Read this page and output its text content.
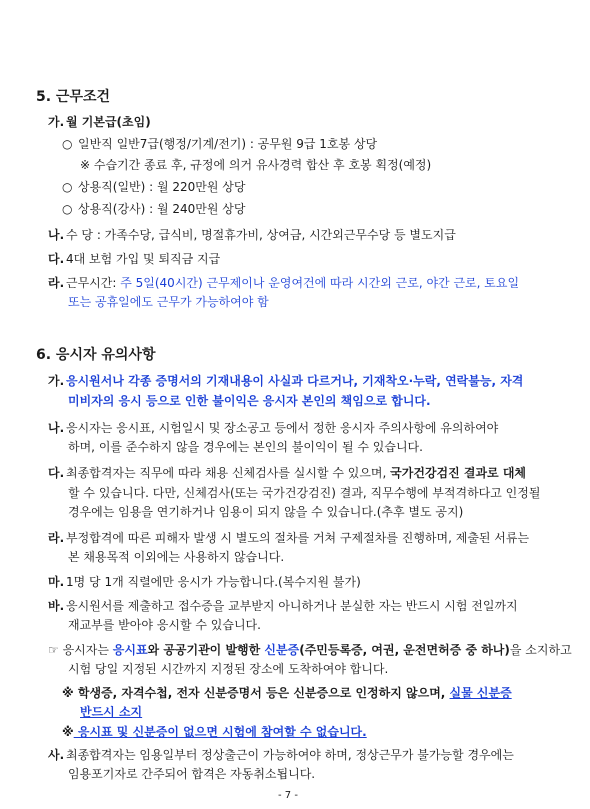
5. 근무조건
가. 월 기본급(초임)
○ 일반직 일반7급(행정/기계/전기) : 공무원 9급 1호봉 상당
※ 수습기간 종료 후, 규정에 의거 유사경력 합산 후 호봉 획정(예정)
○ 상용직(일반) : 월 220만원 상당
○ 상용직(강사) : 월 240만원 상당
나. 수 당 : 가족수당, 급식비, 명절휴가비, 상여금, 시간외근무수당 등 별도지급
다. 4대 보험 가입 및 퇴직금 지급
라. 근무시간: 주 5일(40시간) 근무제이나 운영여건에 따라 시간외 근로, 야간 근로, 토요일
또는 공휴일에도 근무가 가능하여야 함
6. 응시자 유의사항
가. 응시원서나 각종 증명서의 기재내용이 사실과 다르거나, 기재착오·누락, 연락불능, 자격
미비자의 응시 등으로 인한 불이익은 응시자 본인의 책임으로 합니다.
나. 응시자는 응시표, 시험일시 및 장소공고 등에서 정한 응시자 주의사항에 유의하여야
하며, 이를 준수하지 않을 경우에는 본인의 불이익이 될 수 있습니다.
다. 최종합격자는 직무에 따라 채용 신체검사를 실시할 수 있으며, 국가건강검진 결과로 대체
할 수 있습니다. 다만, 신체검사(또는 국가건강검진) 결과, 직무수행에 부적격하다고 인정될
경우에는 임용을 연기하거나 임용이 되지 않을 수 있습니다.(추후 별도 공지)
라. 부정합격에 따른 피해자 발생 시 별도의 절차를 거쳐 구제절차를 진행하며, 제출된 서류는
본 채용목적 이외에는 사용하지 않습니다.
마. 1명 당 1개 직렬에만 응시가 가능합니다.(복수지원 불가)
바. 응시원서를 제출하고 접수증을 교부받지 아니하거나 분실한 자는 반드시 시험 전일까지
재교부를 받아야 응시할 수 있습니다.
☞ 응시자는 응시표와 공공기관이 발행한 신분증(주민등록증, 여권, 운전면허증 중 하나)을 소지하고
시험 당일 지정된 시간까지 지정된 장소에 도착하여야 합니다.
※ 학생증, 자격수첩, 전자 신분증명서 등은 신분증으로 인정하지 않으며, 실물 신분증
반드시 소지
※ 응시표 및 신분증이 없으면 시험에 참여할 수 없습니다.
사. 최종합격자는 임용일부터 정상출근이 가능하여야 하며, 정상근무가 불가능할 경우에는
임용포기자로 간주되어 합격은 자동취소됩니다.
- 7 -
